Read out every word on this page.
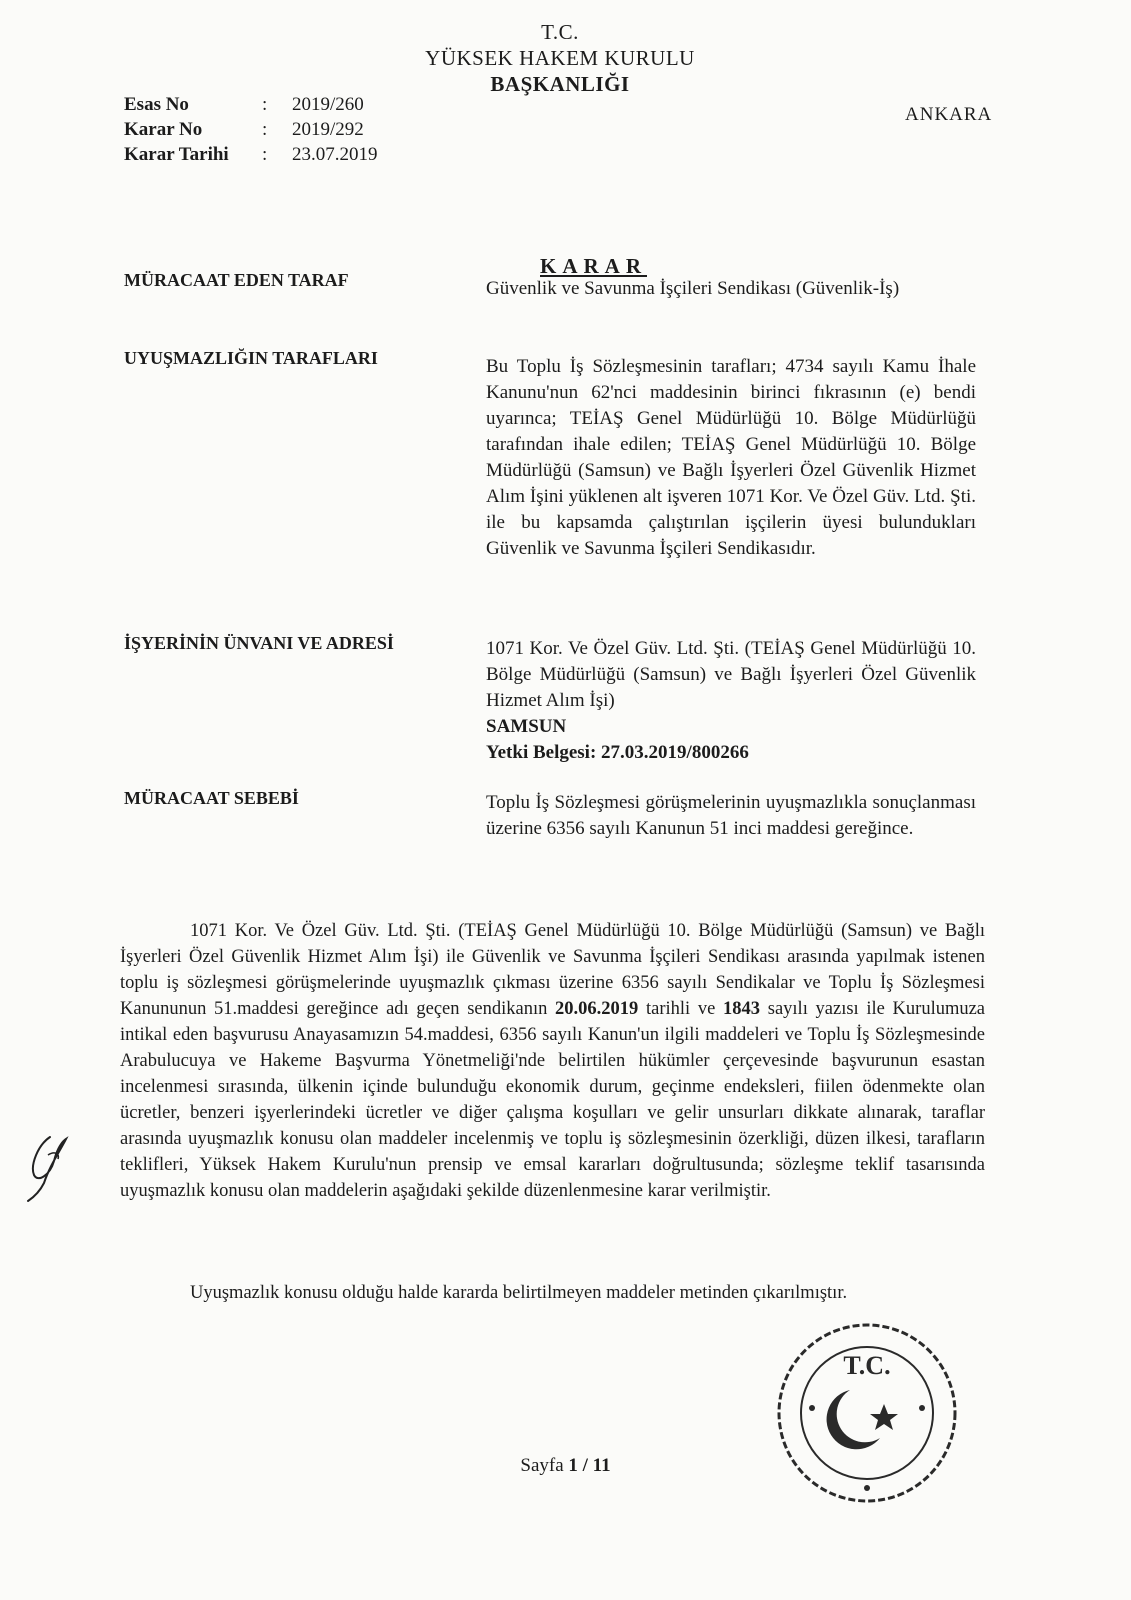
T.C.
YÜKSEK HAKEM KURULU
BAŞKANLIĞI
Esas No	:	2019/260
Karar No	:	2019/292
Karar Tarihi	:	23.07.2019
ANKARA
KARAR
MÜRACAAT EDEN TARAF	Güvenlik ve Savunma İşçileri Sendikası (Güvenlik-İş)
UYUŞMAZLIĞIN TARAFLARI	Bu Toplu İş Sözleşmesinin tarafları; 4734 sayılı Kamu İhale Kanunu'nun 62'nci maddesinin birinci fıkrasının (e) bendi uyarınca; TEİAŞ Genel Müdürlüğü 10. Bölge Müdürlüğü tarafından ihale edilen; TEİAŞ Genel Müdürlüğü 10. Bölge Müdürlüğü (Samsun) ve Bağlı İşyerleri Özel Güvenlik Hizmet Alım İşini yüklenen alt işveren 1071 Kor. Ve Özel Güv. Ltd. Şti. ile bu kapsamda çalıştırılan işçilerin üyesi bulundukları Güvenlik ve Savunma İşçileri Sendikasıdır.
İŞYERİNİN ÜNVANI VE ADRESİ	1071 Kor. Ve Özel Güv. Ltd. Şti. (TEİAŞ Genel Müdürlüğü 10. Bölge Müdürlüğü (Samsun) ve Bağlı İşyerleri Özel Güvenlik Hizmet Alım İşi)
SAMSUN
Yetki Belgesi: 27.03.2019/800266
MÜRACAAT SEBEBİ	Toplu İş Sözleşmesi görüşmelerinin uyuşmazlıkla sonuçlanması üzerine 6356 sayılı Kanunun 51 inci maddesi gereğince.
1071 Kor. Ve Özel Güv. Ltd. Şti. (TEİAŞ Genel Müdürlüğü 10. Bölge Müdürlüğü (Samsun) ve Bağlı İşyerleri Özel Güvenlik Hizmet Alım İşi) ile Güvenlik ve Savunma İşçileri Sendikası arasında yapılmak istenen toplu iş sözleşmesi görüşmelerinde uyuşmazlık çıkması üzerine 6356 sayılı Sendikalar ve Toplu İş Sözleşmesi Kanununun 51.maddesi gereğince adı geçen sendikanın 20.06.2019 tarihli ve 1843 sayılı yazısı ile Kurulumuza intikal eden başvurusu Anayasamızın 54.maddesi, 6356 sayılı Kanun'un ilgili maddeleri ve Toplu İş Sözleşmesinde Arabulucuya ve Hakeme Başvurma Yönetmeliği'nde belirtilen hükümler çerçevesinde başvurunun esastan incelenmesi sırasında, ülkenin içinde bulunduğu ekonomik durum, geçinme endeksleri, fiilen ödenmekte olan ücretler, benzeri işyerlerindeki ücretler ve diğer çalışma koşulları ve gelir unsurları dikkate alınarak, taraflar arasında uyuşmazlık konusu olan maddeler incelenmiş ve toplu iş sözleşmesinin özerkliği, düzen ilkesi, tarafların teklifleri, Yüksek Hakem Kurulu'nun prensip ve emsal kararları doğrultusunda; sözleşme teklif tasarısında uyuşmazlık konusu olan maddelerin aşağıdaki şekilde düzenlenmesine karar verilmiştir.
Uyuşmazlık konusu olduğu halde kararda belirtilmeyen maddeler metinden çıkarılmıştır.
T.C.
Sayfa 1 / 11
